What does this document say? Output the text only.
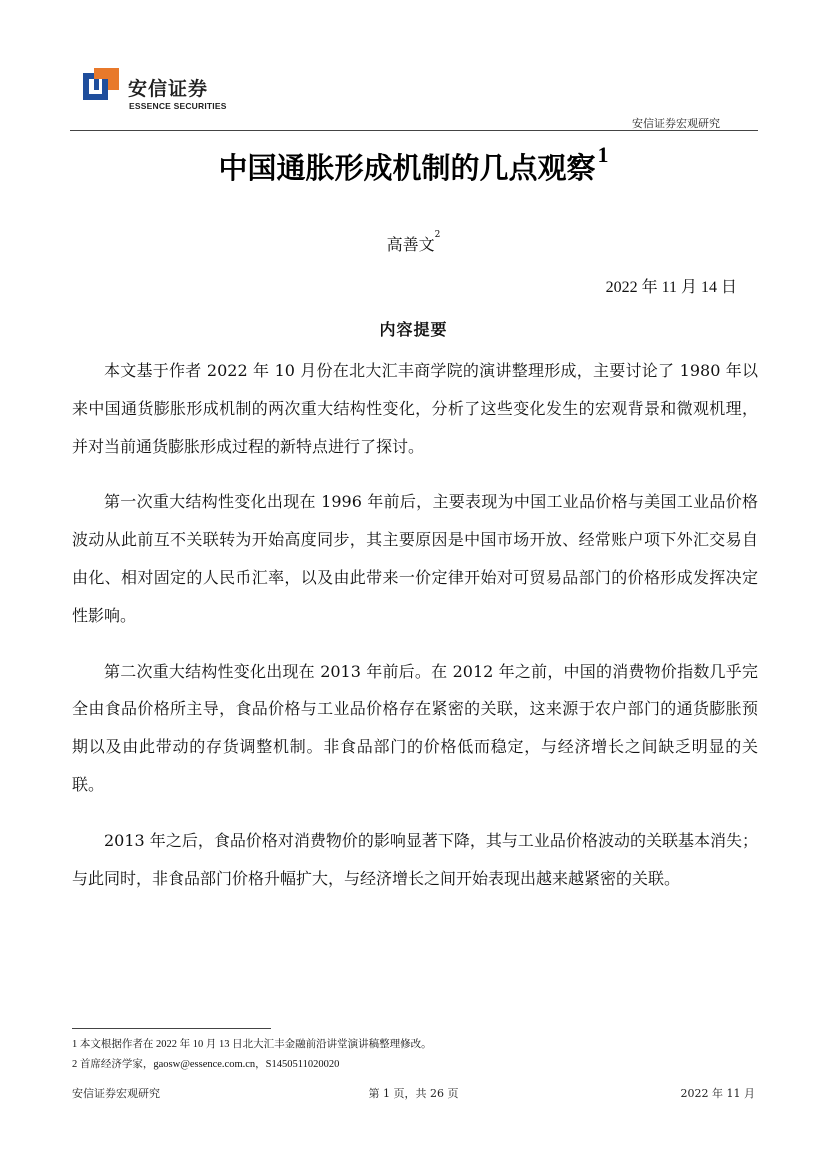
安信证券
ESSENCE SECURITIES
安信证券宏观研究
中国通胀形成机制的几点观察$^1$
高善文$^2$
2022 年 11 月 14 日
内容提要

本文基于作者 2022 年 10 月份在北大汇丰商学院的演讲整理形成，主要讨论了 1980 年以来中国通货膨胀形成机制的两次重大结构性变化，分析了这些变化发生的宏观背景和微观机理，并对当前通货膨胀形成过程的新特点进行了探讨。

第一次重大结构性变化出现在 1996 年前后，主要表现为中国工业品价格与美国工业品价格波动从此前互不关联转为开始高度同步，其主要原因是中国市场开放、经常账户项下外汇交易自由化、相对固定的人民币汇率，以及由此带来一价定律开始对可贸易品部门的价格形成发挥决定性影响。

第二次重大结构性变化出现在 2013 年前后。在 2012 年之前，中国的消费物价指数几乎完全由食品价格所主导，食品价格与工业品价格存在紧密的关联，这来源于农户部门的通货膨胀预期以及由此带动的存货调整机制。非食品部门的价格低而稳定，与经济增长之间缺乏明显的关联。

2013 年之后，食品价格对消费物价的影响显著下降，其与工业品价格波动的关联基本消失；与此同时，非食品部门价格升幅扩大，与经济增长之间开始表现出越来越紧密的关联。

1 本文根据作者在 2022 年 10 月 13 日北大汇丰金融前沿讲堂演讲稿整理修改。
2 首席经济学家，gaosw@essence.com.cn，S1450511020020
安信证券宏观研究	第 1 页，共 26 页	2022 年 11 月
